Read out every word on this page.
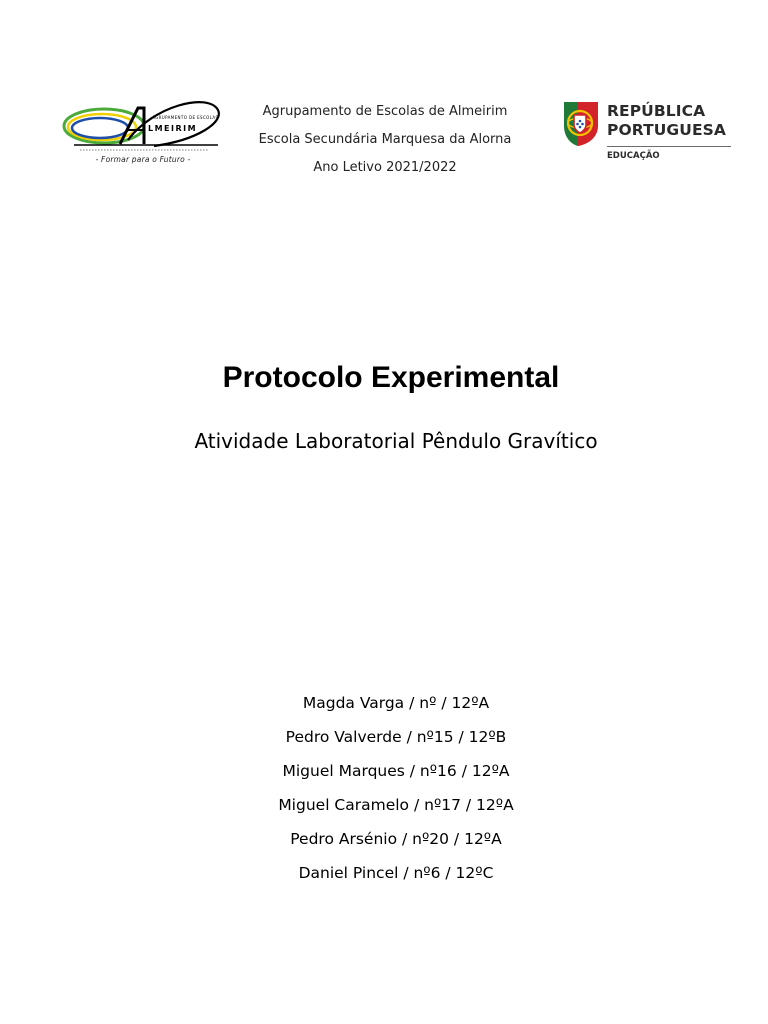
LMEIRIM
AGRUPAMENTO DE ESCOLAS
- Formar para o Futuro -
Agrupamento de Escolas de Almeirim
Escola Secundária Marquesa da Alorna
Ano Letivo 2021/2022
REPÚBLICA
PORTUGUESA
EDUCAÇÃO
Protocolo Experimental
Atividade Laboratorial Pêndulo Gravítico
Magda Varga / nº / 12ºA
Pedro Valverde / nº15 / 12ºB
Miguel Marques / nº16 / 12ºA
Miguel Caramelo / nº17 / 12ºA
Pedro Arsénio / nº20 / 12ºA
Daniel Pincel / nº6 / 12ºC
